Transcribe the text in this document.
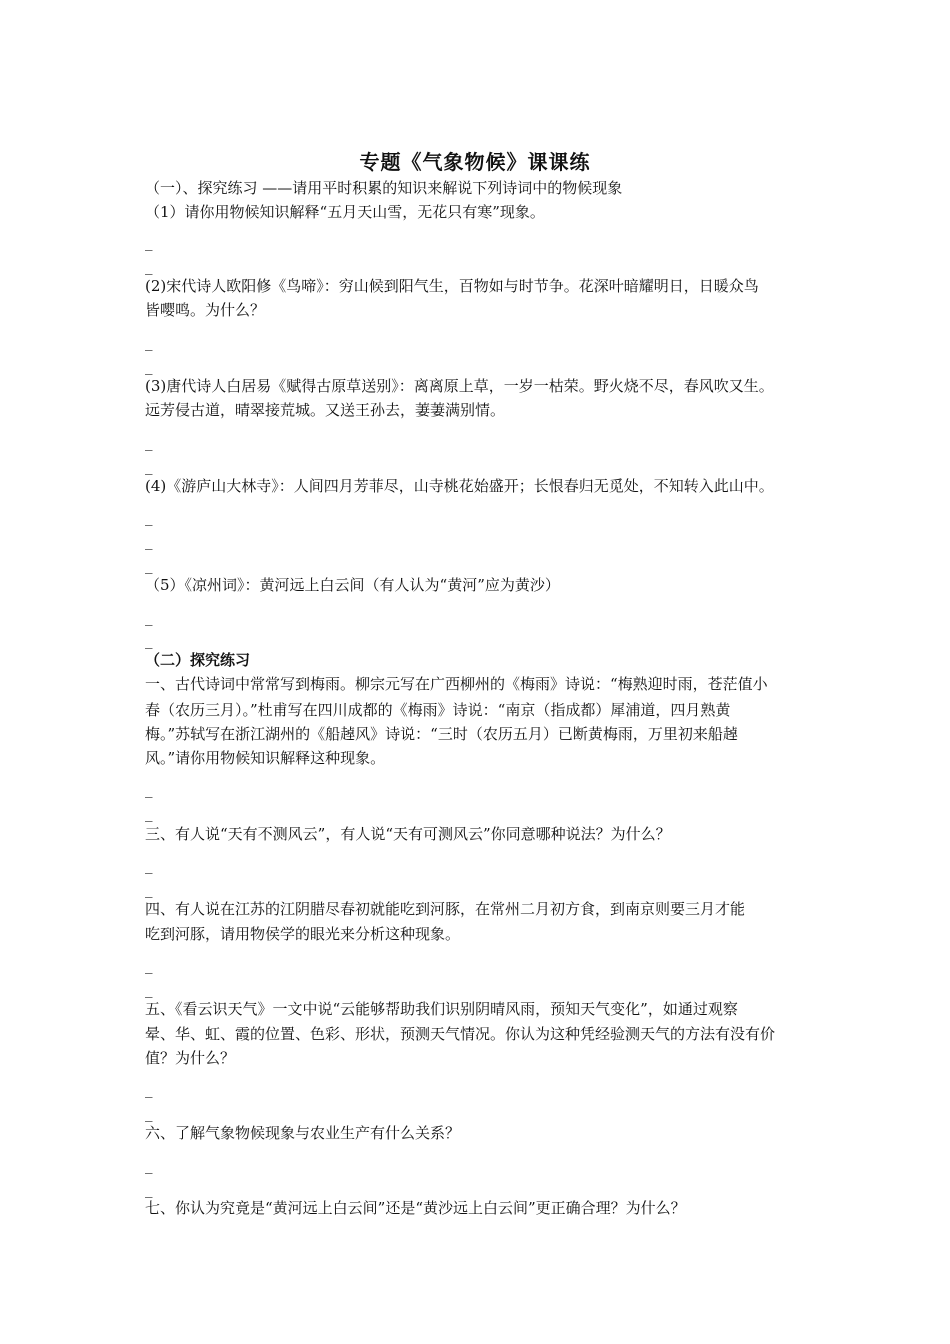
专题《气象物候》课课练
（一）、探究练习 ——请用平时积累的知识来解说下列诗词中的物候现象
（1）请你用物候知识解释“五月天山雪，无花只有寒”现象。
_
_
(2)宋代诗人欧阳修《鸟啼》：穷山候到阳气生，百物如与时节争。花深叶暗耀明日，日暖众鸟
皆嘤鸣。为什么？
_
_
(3)唐代诗人白居易《赋得古原草送别》：离离原上草，一岁一枯荣。野火烧不尽，春风吹又生。
远芳侵古道，晴翠接荒城。又送王孙去，萋萋满别情。
_
_
(4)《游庐山大林寺》：人间四月芳菲尽，山寺桃花始盛开；长恨春归无觅处，不知转入此山中。
_
_
_
（5）《凉州词》：黄河远上白云间（有人认为“黄河”应为黄沙）
_
_
（二）探究练习
一、古代诗词中常常写到梅雨。柳宗元写在广西柳州的《梅雨》诗说：“梅熟迎时雨，苍茫值小
春（农历三月）。”杜甫写在四川成都的《梅雨》诗说：“南京（指成都）犀浦道，四月熟黄
梅。”苏轼写在浙江湖州的《船趠风》诗说：“三时（农历五月）已断黄梅雨，万里初来船趠
风。”请你用物候知识解释这种现象。
_
_
三、有人说“天有不测风云”，有人说“天有可测风云”你同意哪种说法？为什么？
_
_
四、有人说在江苏的江阴腊尽春初就能吃到河豚，在常州二月初方食，到南京则要三月才能
吃到河豚，请用物侯学的眼光来分析这种现象。
_
_
五、《看云识天气》一文中说“云能够帮助我们识别阴晴风雨，预知天气变化”，如通过观察
晕、华、虹、霞的位置、色彩、形状，预测天气情况。你认为这种凭经验测天气的方法有没有价
值？为什么？
_
_
六、了解气象物候现象与农业生产有什么关系？
_
_
七、你认为究竟是“黄河远上白云间”还是“黄沙远上白云间”更正确合理？为什么？
